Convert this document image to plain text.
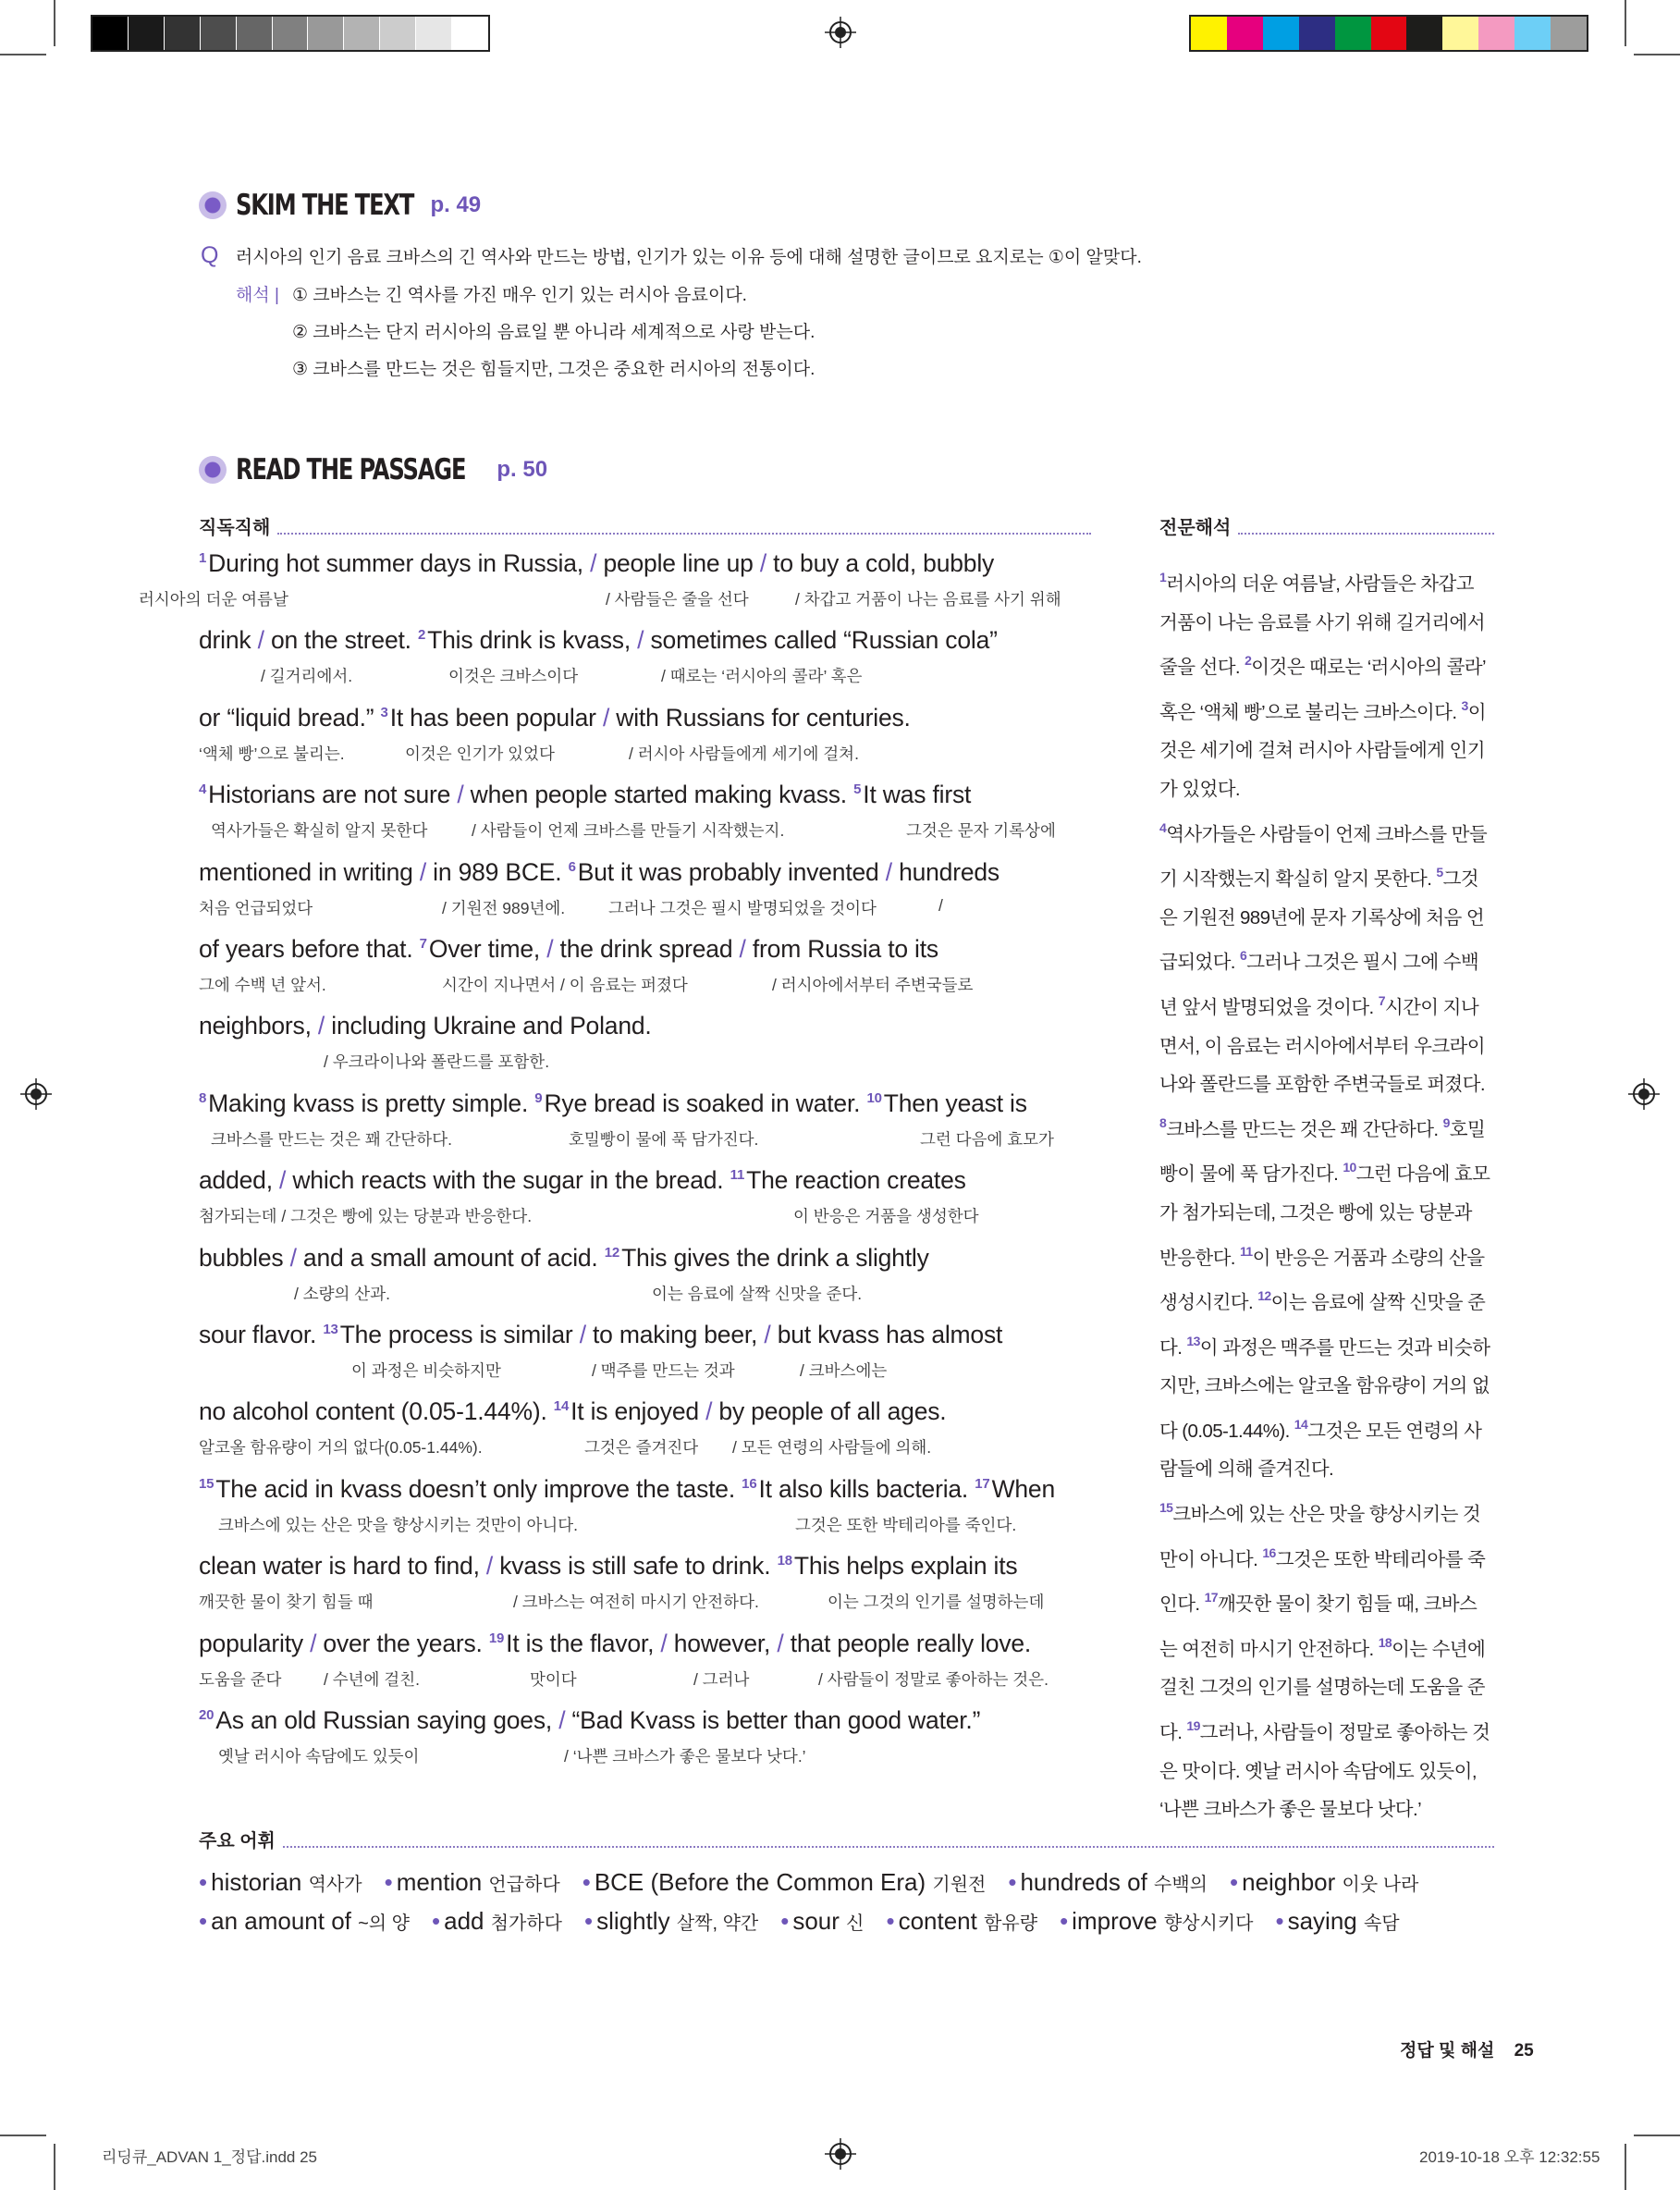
SKIM THE TEXT p. 49
Q 러시아의 인기 음료 크바스의 긴 역사와 만드는 방법, 인기가 있는 이유 등에 대해 설명한 글이므로 요지로는 ①이 알맞다.
해석 | ① 크바스는 긴 역사를 가진 매우 인기 있는 러시아 음료이다.
② 크바스는 단지 러시아의 음료일 뿐 아니라 세계적으로 사랑 받는다.
③ 크바스를 만드는 것은 힘들지만, 그것은 중요한 러시아의 전통이다.
READ THE PASSAGE p. 50
직독직해	전문해석
$^1$During hot summer days in Russia, / people line up / to buy a cold, bubbly
러시아의 더운 여름날	/ 사람들은 줄을 선다	/ 차갑고 거품이 나는 음료를 사기 위해
drink / on the street. $^2$This drink is kvass, / sometimes called “Russian cola”
/ 길거리에서.	이것은 크바스이다	/ 때로는 ‘러시아의 콜라’ 혹은
or “liquid bread.” $^3$It has been popular / with Russians for centuries.
‘액체 빵’으로 불리는.	이것은 인기가 있었다	/ 러시아 사람들에게 세기에 걸쳐.
$^4$Historians are not sure / when people started making kvass. $^5$It was first
역사가들은 확실히 알지 못한다	/ 사람들이 언제 크바스를 만들기 시작했는지.	그것은 문자 기록상에
mentioned in writing / in 989 BCE. $^6$But it was probably invented / hundreds
처음 언급되었다	/ 기원전 989년에.	그러나 그것은 필시 발명되었을 것이다	/
of years before that. $^7$Over time, / the drink spread / from Russia to its
그에 수백 년 앞서.	시간이 지나면서 / 이 음료는 퍼졌다	/ 러시아에서부터 주변국들로
neighbors, / including Ukraine and Poland.
/ 우크라이나와 폴란드를 포함한.
$^8$Making kvass is pretty simple. $^9$Rye bread is soaked in water. $^{10}$Then yeast is
크바스를 만드는 것은 꽤 간단하다.	호밀빵이 물에 푹 담가진다.	그런 다음에 효모가
added, / which reacts with the sugar in the bread. $^{11}$The reaction creates
첨가되는데 / 그것은 빵에 있는 당분과 반응한다.	이 반응은 거품을 생성한다
bubbles / and a small amount of acid. $^{12}$This gives the drink a slightly
/ 소량의 산과.	이는 음료에 살짝 신맛을 준다.
sour flavor. $^{13}$The process is similar / to making beer, / but kvass has almost
이 과정은 비슷하지만	/ 맥주를 만드는 것과	/ 크바스에는
no alcohol content (0.05-1.44%). $^{14}$It is enjoyed / by people of all ages.
알코올 함유량이 거의 없다(0.05-1.44%).	그것은 즐겨진다 / 모든 연령의 사람들에 의해.
$^{15}$The acid in kvass doesn’t only improve the taste. $^{16}$It also kills bacteria. $^{17}$When
크바스에 있는 산은 맛을 향상시키는 것만이 아니다.	그것은 또한 박테리아를 죽인다.
clean water is hard to find, / kvass is still safe to drink. $^{18}$This helps explain its
깨끗한 물이 찾기 힘들 때	/ 크바스는 여전히 마시기 안전하다.	이는 그것의 인기를 설명하는데
popularity / over the years. $^{19}$It is the flavor, / however, / that people really love.
도움을 준다	/ 수년에 걸친.	맛이다	/ 그러나	/ 사람들이 정말로 좋아하는 것은.
$^{20}$As an old Russian saying goes, / “Bad Kvass is better than good water.”
옛날 러시아 속담에도 있듯이	/ ‘나쁜 크바스가 좋은 물보다 낫다.’

$^1$러시아의 더운 여름날, 사람들은 차갑고 거품이 나는 음료를 사기 위해 길거리에서 줄을 선다. $^2$이것은 때로는 ‘러시아의 콜라’ 혹은 ‘액체 빵’으로 불리는 크바스이다. $^3$이것은 세기에 걸쳐 러시아 사람들에게 인기가 있었다.

$^4$역사가들은 사람들이 언제 크바스를 만들기 시작했는지 확실히 알지 못한다. $^5$그것은 기원전 989년에 문자 기록상에 처음 언급되었다. $^6$그러나 그것은 필시 그에 수백 년 앞서 발명되었을 것이다. $^7$시간이 지나면서, 이 음료는 러시아에서부터 우크라이나와 폴란드를 포함한 주변국들로 퍼졌다.

$^8$크바스를 만드는 것은 꽤 간단하다. $^9$호밀빵이 물에 푹 담가진다. $^{10}$그런 다음에 효모가 첨가되는데, 그것은 빵에 있는 당분과 반응한다. $^{11}$이 반응은 거품과 소량의 산을 생성시킨다. $^{12}$이는 음료에 살짝 신맛을 준다. $^{13}$이 과정은 맥주를 만드는 것과 비슷하지만, 크바스에는 알코올 함유량이 거의 없다 (0.05-1.44%). $^{14}$그것은 모든 연령의 사람들에 의해 즐겨진다.

$^{15}$크바스에 있는 산은 맛을 향상시키는 것만이 아니다. $^{16}$그것은 또한 박테리아를 죽인다. $^{17}$깨끗한 물이 찾기 힘들 때, 크바스는 여전히 마시기 안전하다. $^{18}$이는 수년에 걸친 그것의 인기를 설명하는데 도움을 준다. $^{19}$그러나, 사람들이 정말로 좋아하는 것은 맛이다. 옛날 러시아 속담에도 있듯이, ‘나쁜 크바스가 좋은 물보다 낫다.’

주요 어휘
• historian 역사가 • mention 언급하다 • BCE (Before the Common Era) 기원전 • hundreds of 수백의 • neighbor 이웃 나라
• an amount of ~의 양 • add 첨가하다 • slightly 살짝, 약간 • sour 신 • content 함유량 • improve 향상시키다 • saying 속담
정답 및 해설 25
리딩큐_ADVAN 1_정답.indd 25	2019-10-18 오후 12:32:55
